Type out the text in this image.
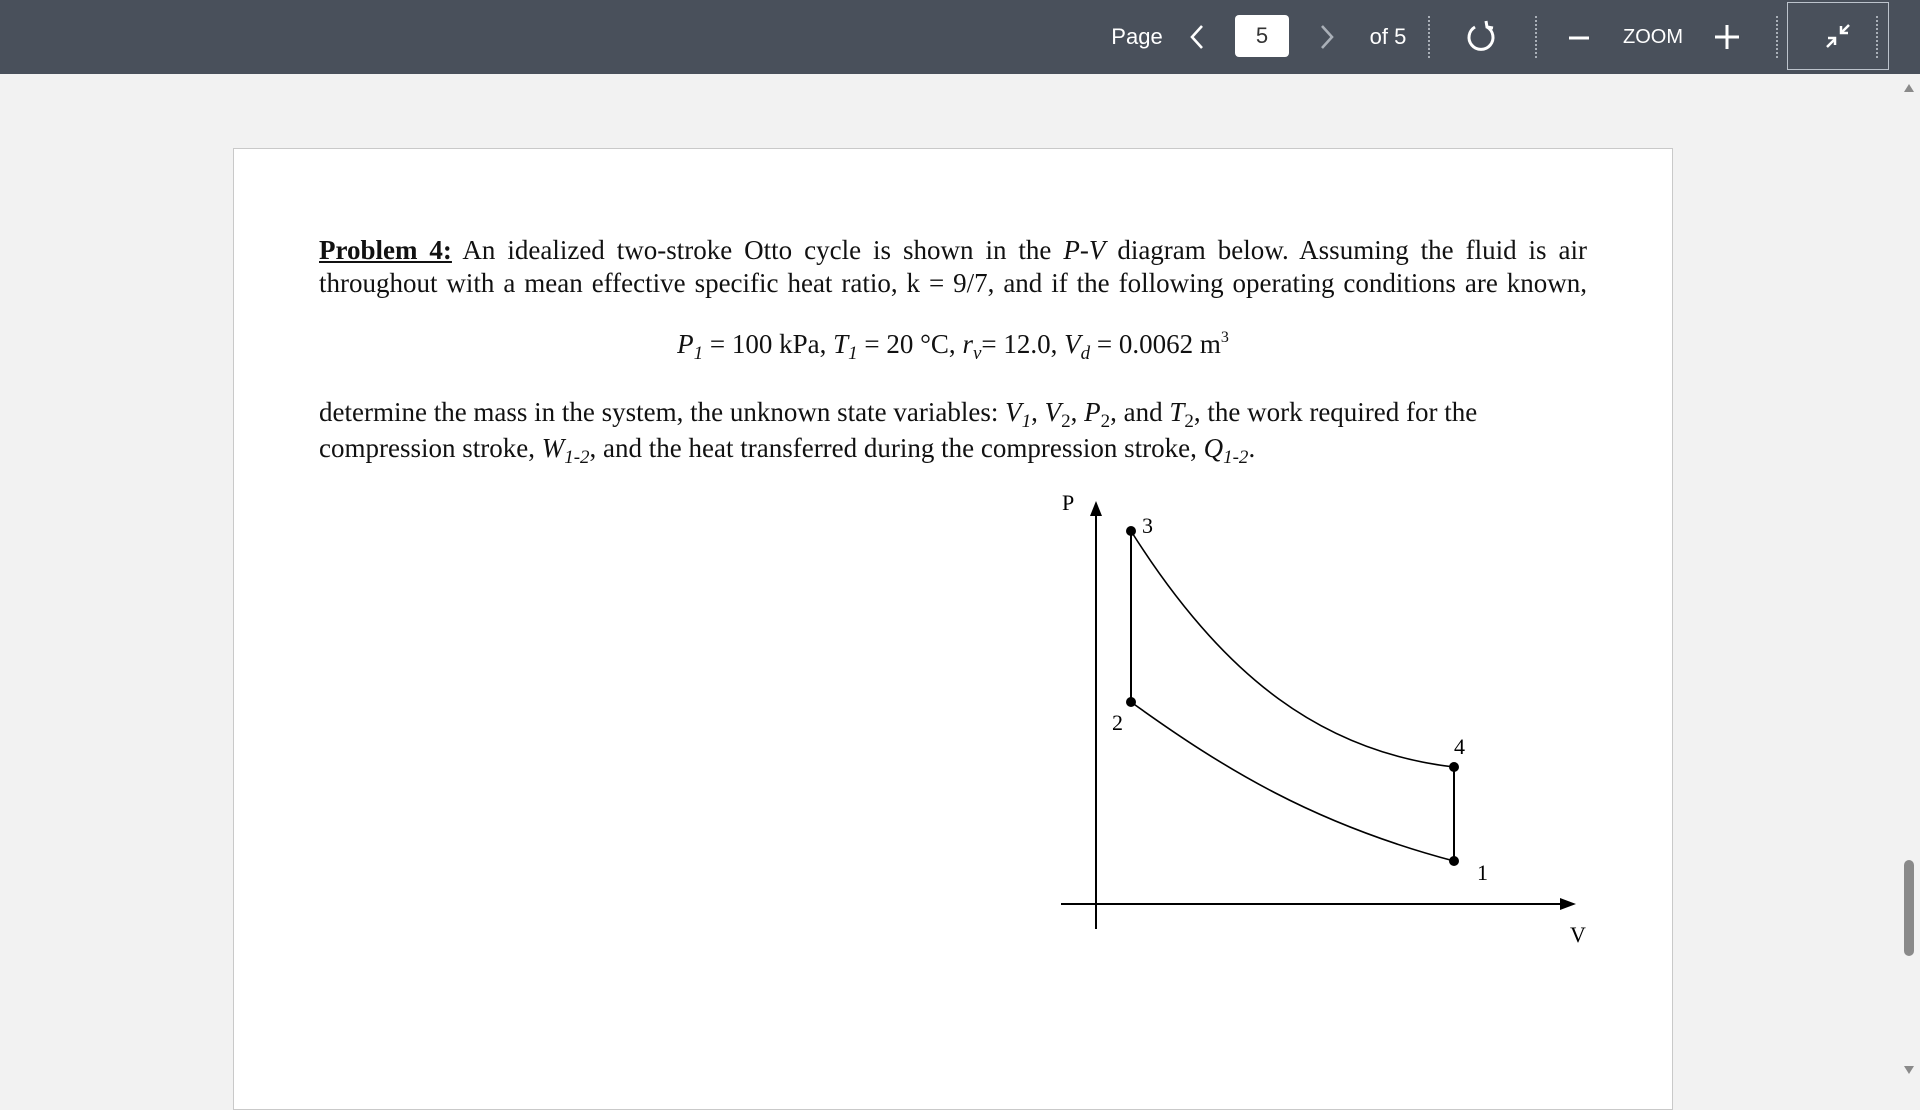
Page
5	of 5	ZOOM
Problem 4: An idealized two-stroke Otto cycle is shown in the P-V diagram below. Assuming the fluid is air throughout with a mean effective specific heat ratio, k = 9/7, and if the following operating conditions are known,
$P_1 = 100$ kPa, $T_1 = 20$ °C, $r_v= 12.0$, $V_d = 0.0062$ $m^3$
determine the mass in the system, the unknown state variables: $V_1$, $V_2$, $P_2$, and $T_2$, the work required for the
compression stroke, $W_{1-2}$, and the heat transferred during the compression stroke, $Q_{1-2}$.
P
V
3
2
4
1
